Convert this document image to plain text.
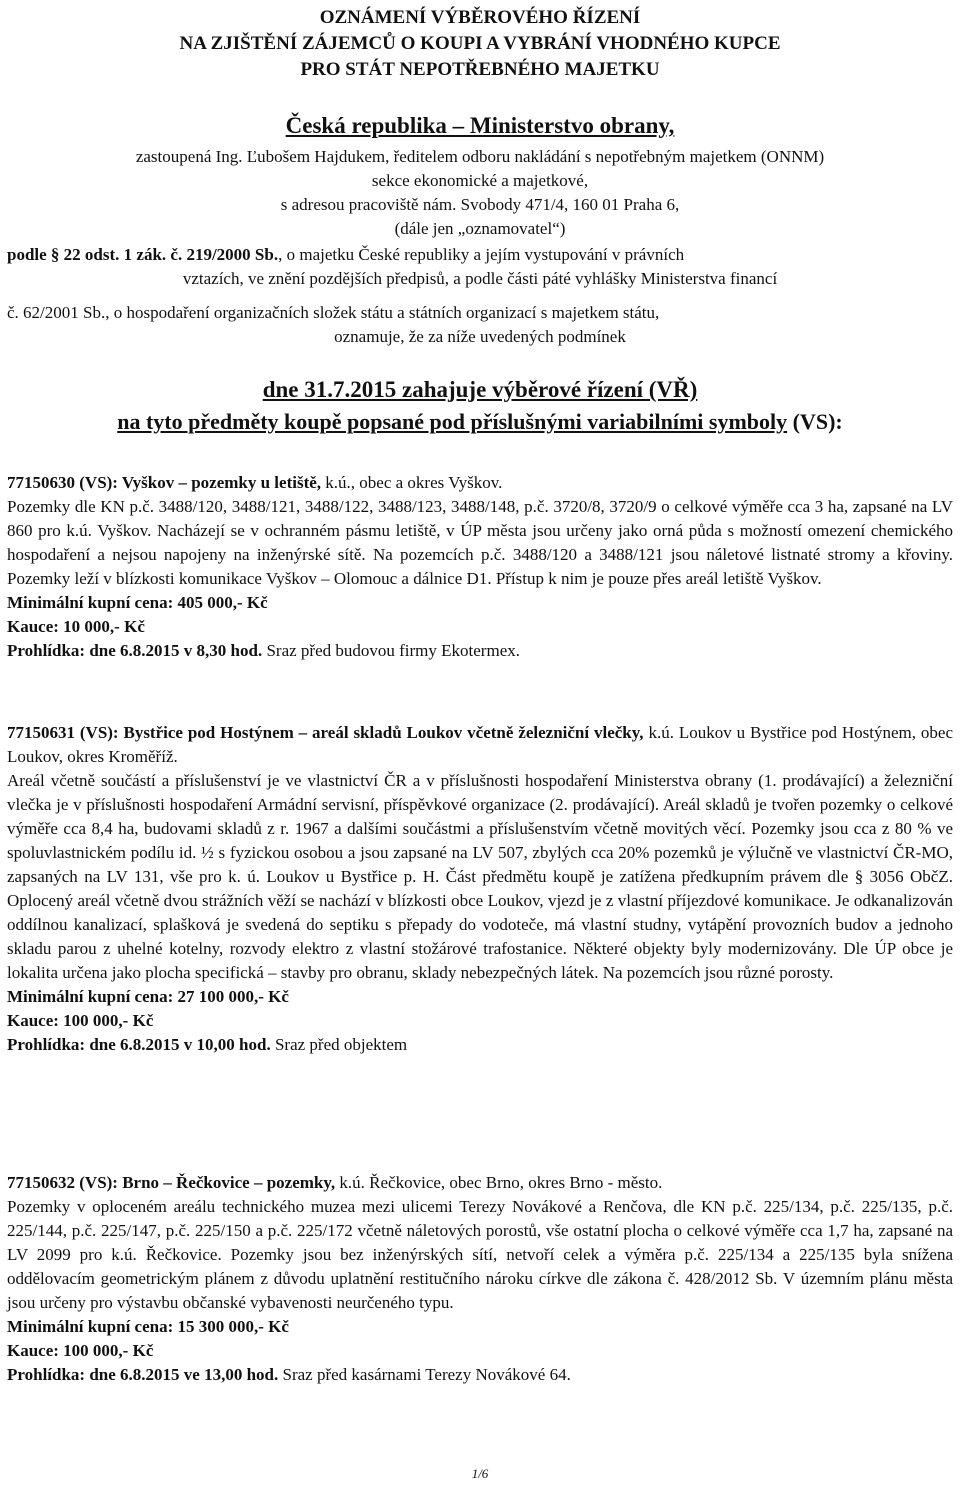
OZNÁMENÍ VÝBĚROVÉHO ŘÍZENÍ
NA ZJIŠTĚNÍ ZÁJEMCŮ O KOUPI A VYBRÁNÍ VHODNÉHO KUPCE
PRO STÁT NEPOTŘEBNÉHO MAJETKU
Česká republika – Ministerstvo obrany,
zastoupená Ing. Ľubošem Hajdukem, ředitelem odboru nakládání s nepotřebným majetkem (ONNM)
sekce ekonomické a majetkové,
s adresou pracoviště nám. Svobody 471/4, 160 01 Praha 6,
(dále jen „oznamovatel“)
podle § 22 odst. 1 zák. č. 219/2000 Sb., o majetku České republiky a jejím vystupování v právních
vztazích, ve znění pozdějších předpisů, a podle části páté vyhlášky Ministerstva financí
č. 62/2001 Sb., o hospodaření organizačních složek státu a státních organizací s majetkem státu,
oznamuje, že za níže uvedených podmínek
dne 31.7.2015 zahajuje výběrové řízení (VŘ)
na tyto předměty koupě popsané pod příslušnými variabilními symboly (VS):

77150630 (VS): Vyškov – pozemky u letiště, k.ú., obec a okres Vyškov.

Pozemky dle KN p.č. 3488/120, 3488/121, 3488/122, 3488/123, 3488/148, p.č. 3720/8, 3720/9 o celkové výměře cca 3 ha, zapsané na LV 860 pro k.ú. Vyškov. Nacházejí se v ochranném pásmu letiště, v ÚP města jsou určeny jako orná půda s možností omezení chemického hospodaření a nejsou napojeny na inženýrské sítě. Na pozemcích p.č. 3488/120 a 3488/121 jsou náletové listnaté stromy a křoviny. Pozemky leží v blízkosti komunikace Vyškov – Olomouc a dálnice D1. Přístup k nim je pouze přes areál letiště Vyškov.

Minimální kupní cena: 405 000,- Kč

Kauce: 10 000,- Kč

Prohlídka: dne 6.8.2015 v 8,30 hod. Sraz před budovou firmy Ekotermex.

77150631 (VS): Bystřice pod Hostýnem – areál skladů Loukov včetně železniční vlečky, k.ú. Loukov u Bystřice pod Hostýnem, obec Loukov, okres Kroměříž.

Areál včetně součástí a příslušenství je ve vlastnictví ČR a v příslušnosti hospodaření Ministerstva obrany (1. prodávající) a železniční vlečka je v příslušnosti hospodaření Armádní servisní, příspěvkové organizace (2. prodávající). Areál skladů je tvořen pozemky o celkové výměře cca 8,4 ha, budovami skladů z r. 1967 a dalšími součástmi a příslušenstvím včetně movitých věcí. Pozemky jsou cca z 80 % ve spoluvlastnickém podílu id. ½ s fyzickou osobou a jsou zapsané na LV 507, zbylých cca 20% pozemků je výlučně ve vlastnictví ČR-MO, zapsaných na LV 131, vše pro k. ú. Loukov u Bystřice p. H. Část předmětu koupě je zatížena předkupním právem dle § 3056 ObčZ. Oplocený areál včetně dvou strážních věží se nachází v blízkosti obce Loukov, vjezd je z vlastní příjezdové komunikace. Je odkanalizován oddílnou kanalizací, splašková je svedená do septiku s přepady do vodoteče, má vlastní studny, vytápění provozních budov a jednoho skladu parou z uhelné kotelny, rozvody elektro z vlastní stožárové trafostanice. Některé objekty byly modernizovány. Dle ÚP obce je lokalita určena jako plocha specifická – stavby pro obranu, sklady nebezpečných látek. Na pozemcích jsou různé porosty.

Minimální kupní cena: 27 100 000,- Kč

Kauce: 100 000,- Kč

Prohlídka: dne 6.8.2015 v 10,00 hod. Sraz před objektem

77150632 (VS): Brno – Řečkovice – pozemky, k.ú. Řečkovice, obec Brno, okres Brno - město.

Pozemky v oploceném areálu technického muzea mezi ulicemi Terezy Novákové a Renčova, dle KN p.č. 225/134, p.č. 225/135, p.č. 225/144, p.č. 225/147, p.č. 225/150 a p.č. 225/172 včetně náletových porostů, vše ostatní plocha o celkové výměře cca 1,7 ha, zapsané na LV 2099 pro k.ú. Řečkovice. Pozemky jsou bez inženýrských sítí, netvoří celek a výměra p.č. 225/134 a 225/135 byla snížena oddělovacím geometrickým plánem z důvodu uplatnění restitučního nároku církve dle zákona č. 428/2012 Sb. V územním plánu města jsou určeny pro výstavbu občanské vybavenosti neurčeného typu.

Minimální kupní cena: 15 300 000,- Kč

Kauce: 100 000,- Kč

Prohlídka: dne 6.8.2015 ve 13,00 hod. Sraz před kasárnami Terezy Novákové 64.

1/6
